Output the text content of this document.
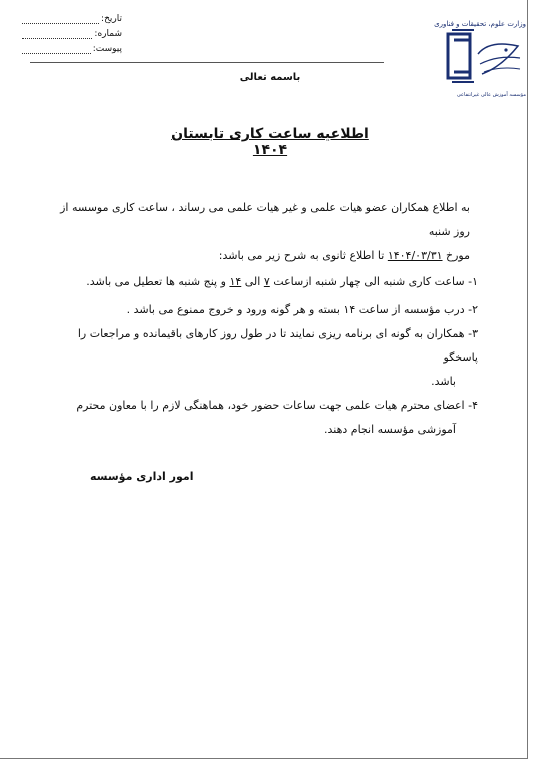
تاریخ:
شماره:
پیوست:
وزارت علوم، تحقیقات و فناوری
مؤسسه آموزش عالی غیرانتفاعی
باسمه تعالی
اطلاعیه ساعت کاری تابستان ۱۴۰۴
به اطلاع همکاران عضو هیات علمی و غیر هیات علمی می رساند ، ساعت کاری موسسه از روز شنبه
مورخ ۱۴۰۴/۰۳/۳۱ تا اطلاع ثانوی به شرح زیر می باشد:

۱- ساعت کاری شنبه الی چهار شنبه ازساعت ۷ الی ۱۴ و پنج شنبه ها تعطیل می باشد.

۲- درب مؤسسه از ساعت ۱۴ بسته و هر گونه ورود و خروج ممنوع می باشد .

۳- همکاران به گونه ای برنامه ریزی نمایند تا در طول روز کارهای باقیمانده و مراجعات را پاسخگو

باشد.

۴- اعضای محترم هیات علمی جهت ساعات حضور خود، هماهنگی لازم را با معاون محترم

آموزشی مؤسسه انجام دهند.

امور اداری مؤسسه
